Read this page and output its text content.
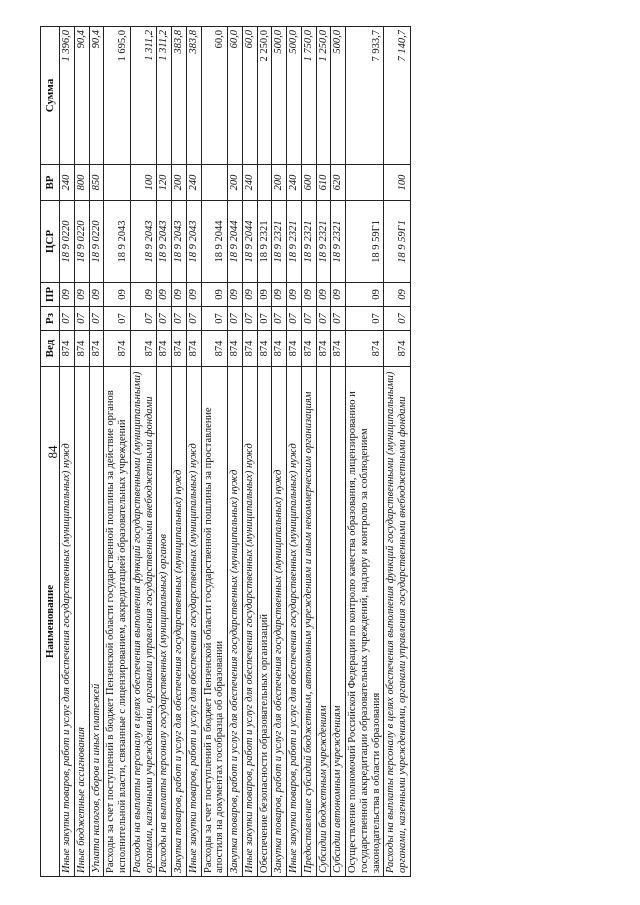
84
Наименование	Вед	Рз	ПР	ЦСР	ВР	Сумма
Иные закупки товаров, работ и услуг для обеспечения государственных (муниципальных) нужд	874	07	09	18 9 0220	240	1 396,0
Иные бюджетные ассигнования	874	07	09	18 9 0220	800	90,4
Уплата налогов, сборов и иных платежей	874	07	09	18 9 0220	850	90,4
Расходы за счет поступлений в бюджет Пензенской области государственной пошлины за действие органов исполнительной власти, связанные с лицензированием, аккредитацией образовательных учреждений	874	07	09	18 9 2043		1 695,0
Расходы на выплаты персоналу в целях обеспечения выполнения функций государственными (муниципальными) органами, казенными учреждениями, органами управления государственными внебюджетными фондами	874	07	09	18 9 2043	100	1 311,2
Расходы на выплаты персоналу государственных (муниципальных) органов	874	07	09	18 9 2043	120	1 311,2
Закупка товаров, работ и услуг для обеспечения государственных (муниципальных) нужд	874	07	09	18 9 2043	200	383,8
Иные закупки товаров, работ и услуг для обеспечения государственных (муниципальных) нужд	874	07	09	18 9 2043	240	383,8
Расходы за счет поступлений в бюджет Пензенской области государственной пошлины за проставление апостиля на документах гособразца об образовании	874	07	09	18 9 2044		60,0
Закупка товаров, работ и услуг для обеспечения государственных (муниципальных) нужд	874	07	09	18 9 2044	200	60,0
Иные закупки товаров, работ и услуг для обеспечения государственных (муниципальных) нужд	874	07	09	18 9 2044	240	60,0
Обеспечение безопасности образовательных организаций	874	07	09	18 9 2321		2 250,0
Закупка товаров, работ и услуг для обеспечения государственных (муниципальных) нужд	874	07	09	18 9 2321	200	500,0
Иные закупки товаров, работ и услуг для обеспечения государственных (муниципальных) нужд	874	07	09	18 9 2321	240	500,0
Предоставление субсидий бюджетным, автономным учреждениям и иным некоммерческим организациям	874	07	09	18 9 2321	600	1 750,0
Субсидии бюджетным учреждениям	874	07	09	18 9 2321	610	1 250,0
Субсидии автономным учреждениям	874	07	09	18 9 2321	620	500,0
Осуществление полномочий Российской Федерации по контролю качества образования, лицензированию и государственной аккредитации образовательных учреждений, надзору и контролю за соблюдением законодательства в области образования	874	07	09	18 9 59Г1		7 933,7
Расходы на выплаты персоналу в целях обеспечения выполнения функций государственными (муниципальными) органами, казенными учреждениями, органами управления государственными внебюджетными фондами	874	07	09	18 9 59Г1	100	7 140,7
